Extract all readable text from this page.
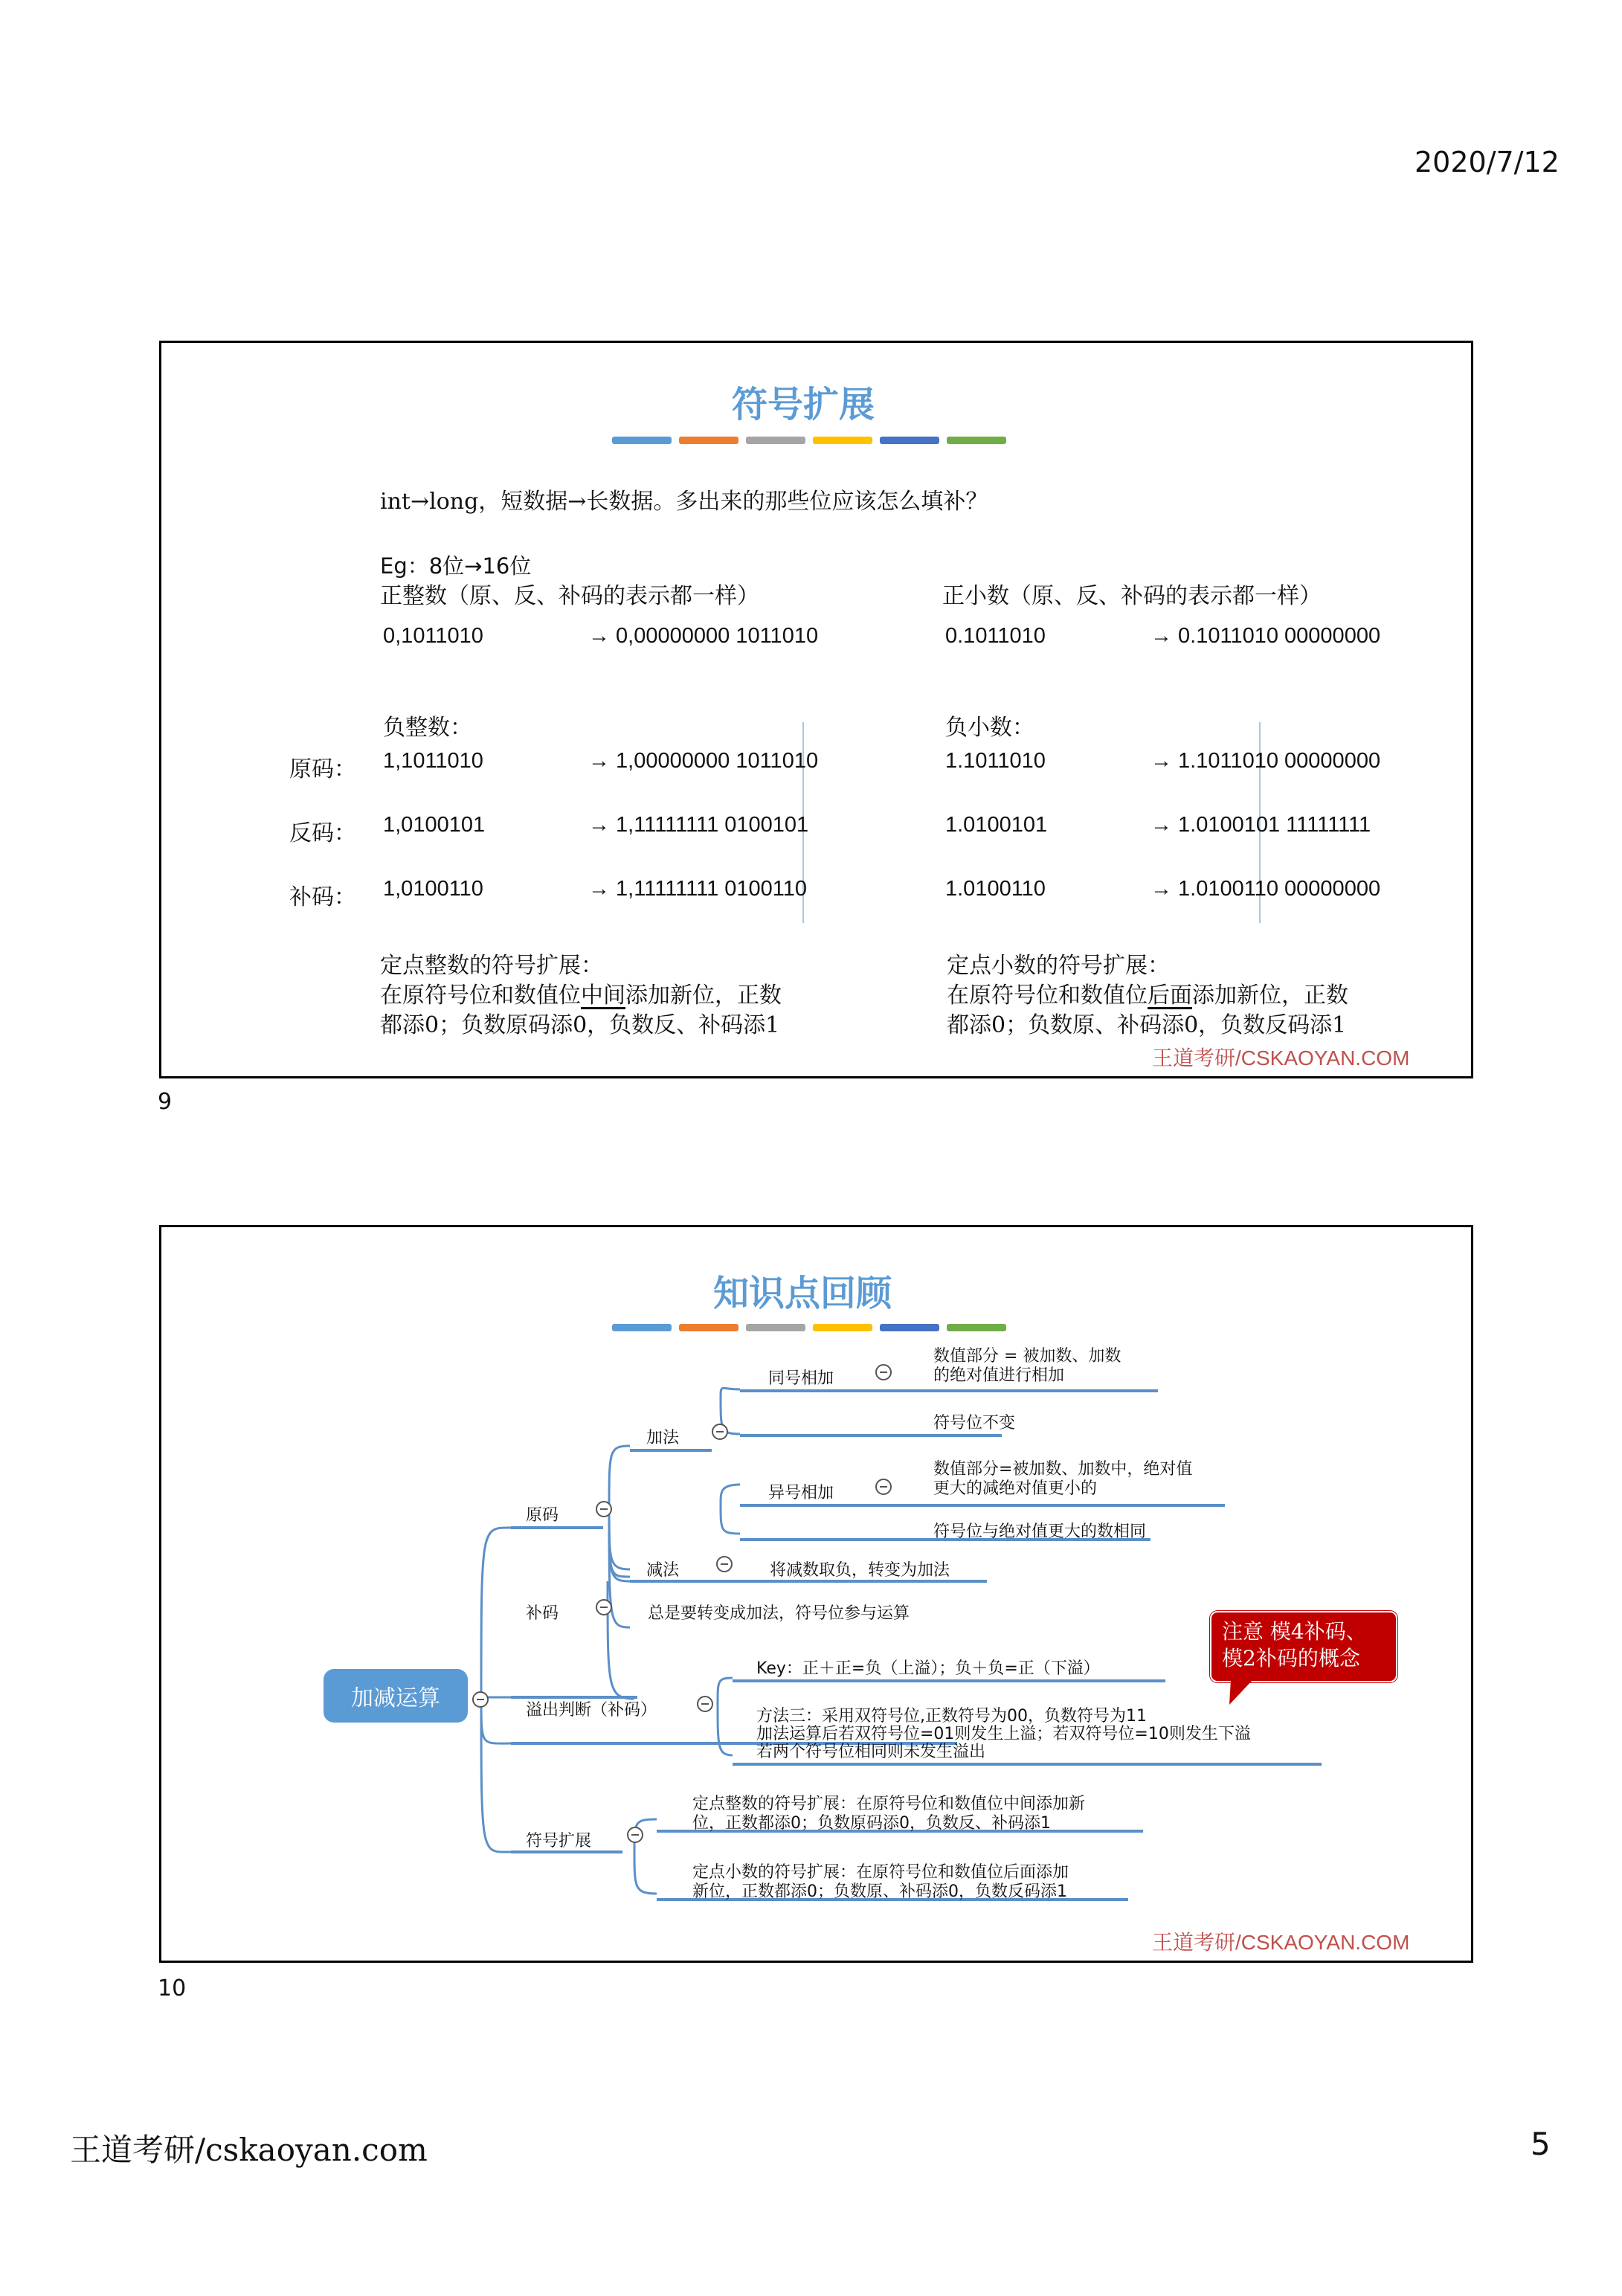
2020/7/12
符号扩展
int→long，短数据→长数据。多出来的那些位应该怎么填补？
Eg：8位→16位
正整数（原、反、补码的表示都一样）	正小数（原、反、补码的表示都一样）
0,1011010	→ 0,00000000 1011010	0.1011010	→ 0.1011010 00000000
负整数：	负小数：
原码： 1,1011010	→ 1,00000000 1011010	1.1011010	→ 1.1011010 00000000
反码： 1,0100101	→ 1,11111111 0100101	1.0100101	→ 1.0100101 11111111
补码： 1,0100110	→ 1,11111111 0100110	1.0100110	→ 1.0100110 00000000
定点整数的符号扩展：
在原符号位和数值位中间添加新位，正数
都添0；负数原码添0，负数反、补码添1
定点小数的符号扩展：
在原符号位和数值位后面添加新位，正数
都添0；负数原、补码添0，负数反码添1
王道考研/CSKAOYAN.COM
9
知识点回顾
加减运算
原码
加法
同号相加
数值部分 = 被加数、加数
的绝对值进行相加
符号位不变
异号相加
数值部分=被加数、加数中，绝对值
更大的减绝对值更小的
符号位与绝对值更大的数相同
减法	将减数取负，转变为加法
补码	总是要转变成加法，符号位参与运算
溢出判断（补码）
Key：正＋正=负（上溢）；负＋负=正（下溢）
方法三：采用双符号位,正数符号为00，负数符号为11
加法运算后若双符号位=01则发生上溢；若双符号位=10则发生下溢
若两个符号位相同则未发生溢出
符号扩展
定点整数的符号扩展：在原符号位和数值位中间添加新
位，正数都添0；负数原码添0，负数反、补码添1
定点小数的符号扩展：在原符号位和数值位后面添加
新位，正数都添0；负数原、补码添0，负数反码添1
注意 模4补码、
模2补码的概念
王道考研/CSKAOYAN.COM
10
王道考研/cskaoyan.com	5
